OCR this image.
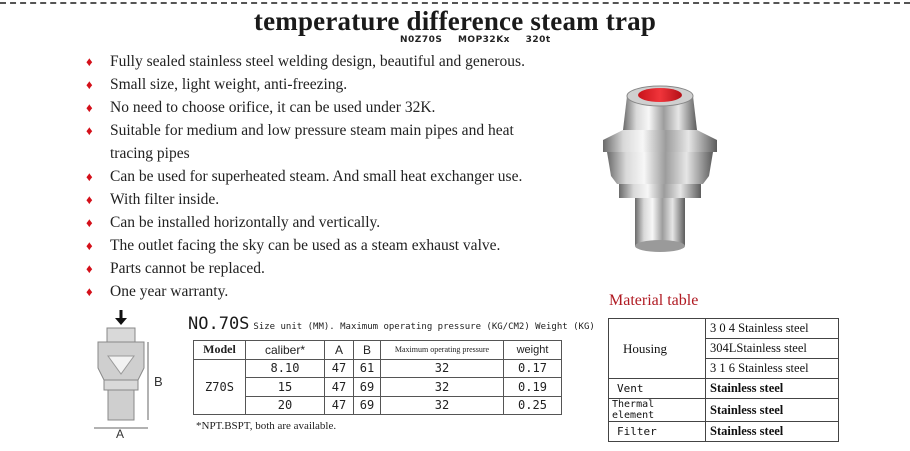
temperature difference steam trap
N0Z70S MOP32Kx 320t
♦ Fully sealed stainless steel welding design, beautiful and generous.
♦ Small size, light weight, anti-freezing.
♦ No need to choose orifice, it can be used under 32K.
♦ Suitable for medium and low pressure steam main pipes and heat tracing pipes
♦ Can be used for superheated steam. And small heat exchanger use.
♦ With filter inside.
♦ Can be installed horizontally and vertically.
♦ The outlet facing the sky can be used as a steam exhaust valve.
♦ Parts cannot be replaced.
♦ One year warranty.
B
A
NO.70S Size unit (MM). Maximum operating pressure (KG/CM2) Weight (KG)
Model	caliber*	A	B	Maximum operating pressure	weight
Z70S	8.10	47	61	32	0.17
	15	47	69	32	0.19
	20	47	69	32	0.25
*NPT.BSPT, both are available.
Material table
Housing	3 0 4 Stainless steel
	304LStainless steel
	3 1 6 Stainless steel
Vent	Stainless steel
Thermal element	Stainless steel
Filter	Stainless steel
